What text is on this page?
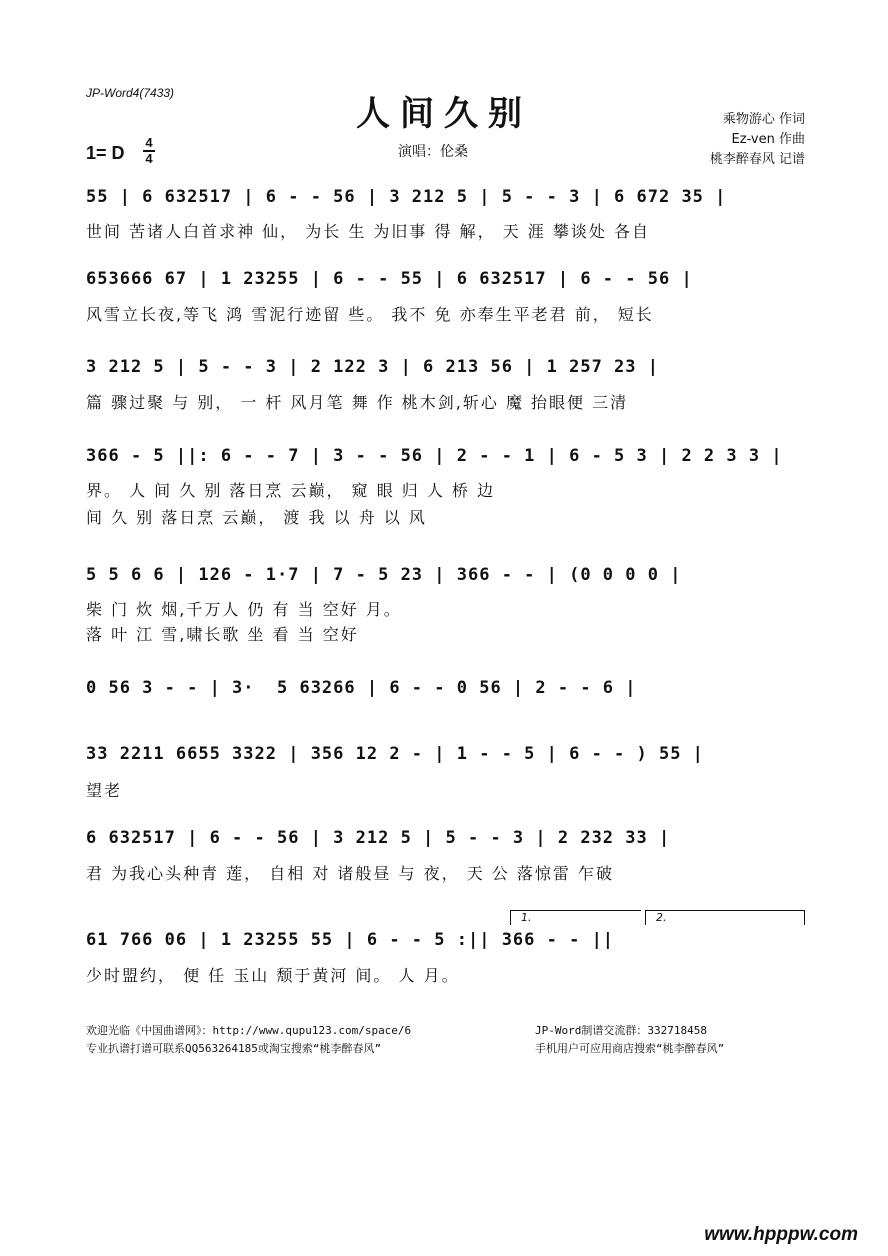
JP-Word4(7433)
人间久别
1= D
4
4	演唱：伦桑
乘物游心 作词
Ez-ven 作曲
桃李醉春风 记谱
55 | 6 632517 | 6 - - 56 | 3 212 5 | 5 - - 3 | 6 672 35 |
世间 苦诸人白首求神 仙， 为长 生 为旧事 得 解， 天 涯 攀谈处 各自
653666 67 | 1 23255 | 6 - - 55 | 6 632517 | 6 - - 56 |
风雪立长夜,等飞 鸿 雪泥行迹留 些。 我不 免 亦奉生平老君 前， 短长
3 212 5 | 5 - - 3 | 2 122 3 | 6 213 56 | 1 257 23 |
篇 骤过聚 与 别， 一 杆 风月笔 舞 作 桃木剑,斩心 魔 抬眼便 三清
366 - 5 ||: 6 - - 7 | 3 - - 56 | 2 - - 1 | 6 - 5 3 | 2 2 3 3 |
界。 人 间 久 别 落日烹 云巅， 窥 眼 归 人 桥 边
间 久 别 落日烹 云巅， 渡 我 以 舟 以 风
5 5 6 6 | 126 - 1·7 | 7 - 5 23 | 366 - - | (0 0 0 0 |
柴 门 炊 烟,千万人 仍 有 当 空好 月。
落 叶 江 雪,啸长歌 坐 看 当 空好
0 56 3 - - | 3·  5 63266 | 6 - - 0 56 | 2 - - 6 |
33 2211 6655 3322 | 356 12 2 - | 1 - - 5 | 6 - - ) 55 |
望老
6 632517 | 6 - - 56 | 3 212 5 | 5 - - 3 | 2 232 33 |
君 为我心头种青 莲， 自相 对 诸般昼 与 夜， 天 公 落惊雷 乍破
1.	2.
61 766 06 | 1 23255 55 | 6 - - 5 :|| 366 - - ||
少时盟约， 便 任 玉山 颓于黄河 间。 人 月。
欢迎光临《中国曲谱网》：http://www.qupu123.com/space/6
专业扒谱打谱可联系QQ563264185或淘宝搜索“桃李醉春风”
JP-Word制谱交流群：332718458
手机用户可应用商店搜索“桃李醉春风”
www.hpppw.com
